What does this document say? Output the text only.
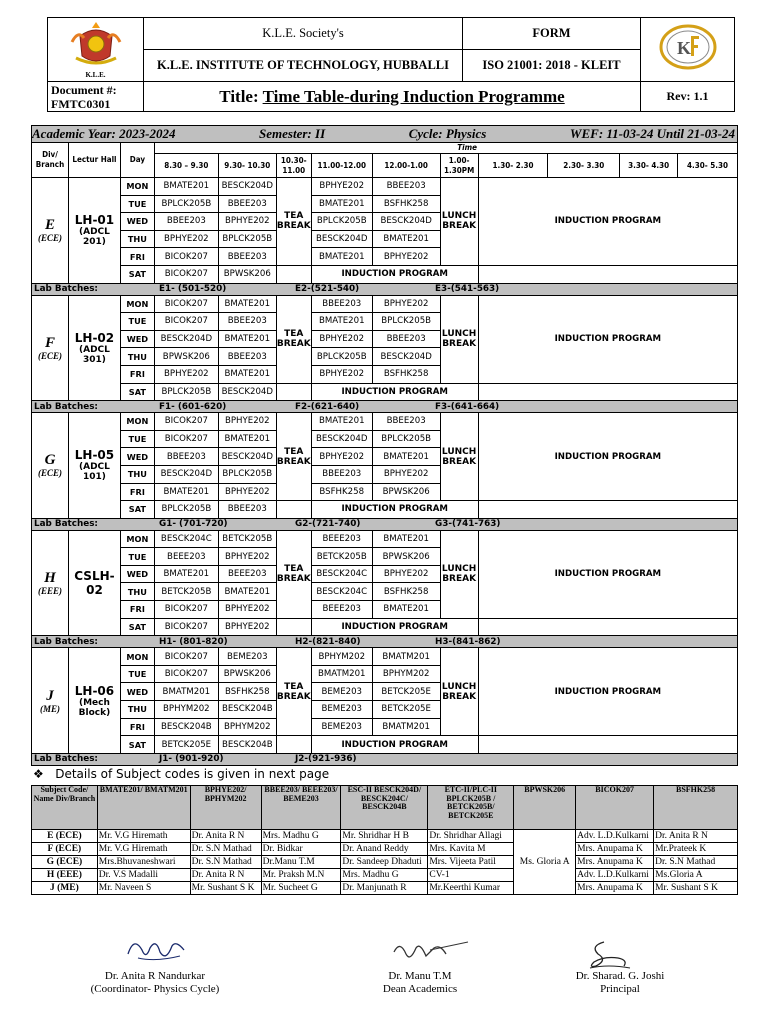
K.L.E.	K.L.E. Society's	FORM	K

	K.L.E. INSTITUTE OF TECHNOLOGY, HUBBALLI	ISO 21001: 2018 - KLEIT	
Document #:
FMTC0301	Title: Time Table-during Induction Programme		Rev: 1.1
Academic Year: 2023-2024 Semester: II Cycle: Physics WEF: 11-03-24 Until 21-03-24												

Div/ Branch	Lectur Hall	Day	Time									
			8.30 – 9.30	9.30- 10.30	10.30- 11.00	11.00-12.00	12.00-1.00	1.00- 1.30PM	1.30- 2.30	2.30- 3.30	3.30- 4.30	4.30- 5.30

E
(ECE)	LH-01
(ADCL 201)	MON	BMATE201	BESCK204D	TEA BREAK	BPHYE202	BBEE203	LUNCH BREAK	INDUCTION PROGRAM			
		TUE	BPLCK205B	BBEE203		BMATE201	BSFHK258					
		WED	BBEE203	BPHYE202		BPLCK205B	BESCK204D					
		THU	BPHYE202	BPLCK205B		BESCK204D	BMATE201					
		FRI	BICOK207	BBEE203		BMATE201	BPHYE202					
		SAT	BICOK207	BPWSK206		INDUCTION PROGRAM						

Lab Batches: E1- (501-520) E2-(521-540) E3-(541-563)												

F
(ECE)	LH-02
(ADCL 301)	MON	BICOK207	BMATE201	TEA BREAK	BBEE203	BPHYE202	LUNCH BREAK	INDUCTION PROGRAM			
		TUE	BICOK207	BBEE203		BMATE201	BPLCK205B					
		WED	BESCK204D	BMATE201		BPHYE202	BBEE203					
		THU	BPWSK206	BBEE203		BPLCK205B	BESCK204D					
		FRI	BPHYE202	BMATE201		BPHYE202	BSFHK258					
		SAT	BPLCK205B	BESCK204D		INDUCTION PROGRAM						

Lab Batches: F1- (601-620) F2-(621-640) F3-(641-664)												

G
(ECE)	LH-05
(ADCL 101)	MON	BICOK207	BPHYE202	TEA BREAK	BMATE201	BBEE203	LUNCH BREAK	INDUCTION PROGRAM			
		TUE	BICOK207	BMATE201		BESCK204D	BPLCK205B					
		WED	BBEE203	BESCK204D		BPHYE202	BMATE201					
		THU	BESCK204D	BPLCK205B		BBEE203	BPHYE202					
		FRI	BMATE201	BPHYE202		BSFHK258	BPWSK206					
		SAT	BPLCK205B	BBEE203		INDUCTION PROGRAM						

Lab Batches: G1- (701-720) G2-(721-740) G3-(741-763)												

H
(EEE)	CSLH-02	MON	BESCK204C	BETCK205B	TEA BREAK	BEEE203	BMATE201	LUNCH BREAK	INDUCTION PROGRAM			
		TUE	BEEE203	BPHYE202		BETCK205B	BPWSK206					
		WED	BMATE201	BEEE203		BESCK204C	BPHYE202					
		THU	BETCK205B	BMATE201		BESCK204C	BSFHK258					
		FRI	BICOK207	BPHYE202		BEEE203	BMATE201					
		SAT	BICOK207	BPHYE202		INDUCTION PROGRAM						

Lab Batches: H1- (801-820) H2-(821-840) H3-(841-862)												

J
(ME)	LH-06
(Mech Block)	MON	BICOK207	BEME203	TEA BREAK	BPHYM202	BMATM201	LUNCH BREAK	INDUCTION PROGRAM			
		TUE	BICOK207	BPWSK206		BMATM201	BPHYM202					
		WED	BMATM201	BSFHK258		BEME203	BETCK205E					
		THU	BPHYM202	BESCK204B		BEME203	BETCK205E					
		FRI	BESCK204B	BPHYM202		BEME203	BMATM201					
		SAT	BETCK205E	BESCK204B		INDUCTION PROGRAM						

Lab Batches: J1- (901-920) J2-(921-936)												
❖ Details of Subject codes is given in next page
Subject Code/ Name Div/Branch	BMATE201/ BMATM201	BPHYE202/ BPHYM202	BBEE203/ BEEE203/ BEME203	ESC-II BESCK204D/ BESCK204C/ BESCK204B	ETC-II/PLC-II BPLCK205B / BETCK205B/ BETCK205E	BPWSK206	BICOK207	BSFHK258
E (ECE)	Mr. V.G Hiremath	Dr. Anita R N	Mrs. Madhu G	Mr. Shridhar H B	Dr. Shridhar Allagi	Ms. Gloria A	Adv. L.D.Kulkarni	Dr. Anita R N
F (ECE)	Mr. V.G Hiremath	Dr. S.N Mathad	Dr. Bidkar	Dr. Anand Reddy	Mrs. Kavita M		Mrs. Anupama K	Mr.Prateek K
G (ECE)	Mrs.Bhuvaneshwari	Dr. S.N Mathad	Dr.Manu T.M	Dr. Sandeep Dhaduti	Mrs. Vijeeta Patil		Mrs. Anupama K	Dr. S.N Mathad
H (EEE)	Dr. V.S Madalli	Dr. Anita R N	Mr. Praksh M.N	Mrs. Madhu G	CV-1		Adv. L.D.Kulkarni	Ms.Gloria A
J (ME)	Mr. Naveen S	Mr. Sushant S K	Mr. Sucheet G	Dr. Manjunath R	Mr.Keerthi Kumar		Mrs. Anupama K	Mr. Sushant S K
Dr. Anita R Nandurkar
(Coordinator- Physics Cycle)
Dr. Manu T.M
Dean Academics
Dr. Sharad. G. Joshi
Principal
